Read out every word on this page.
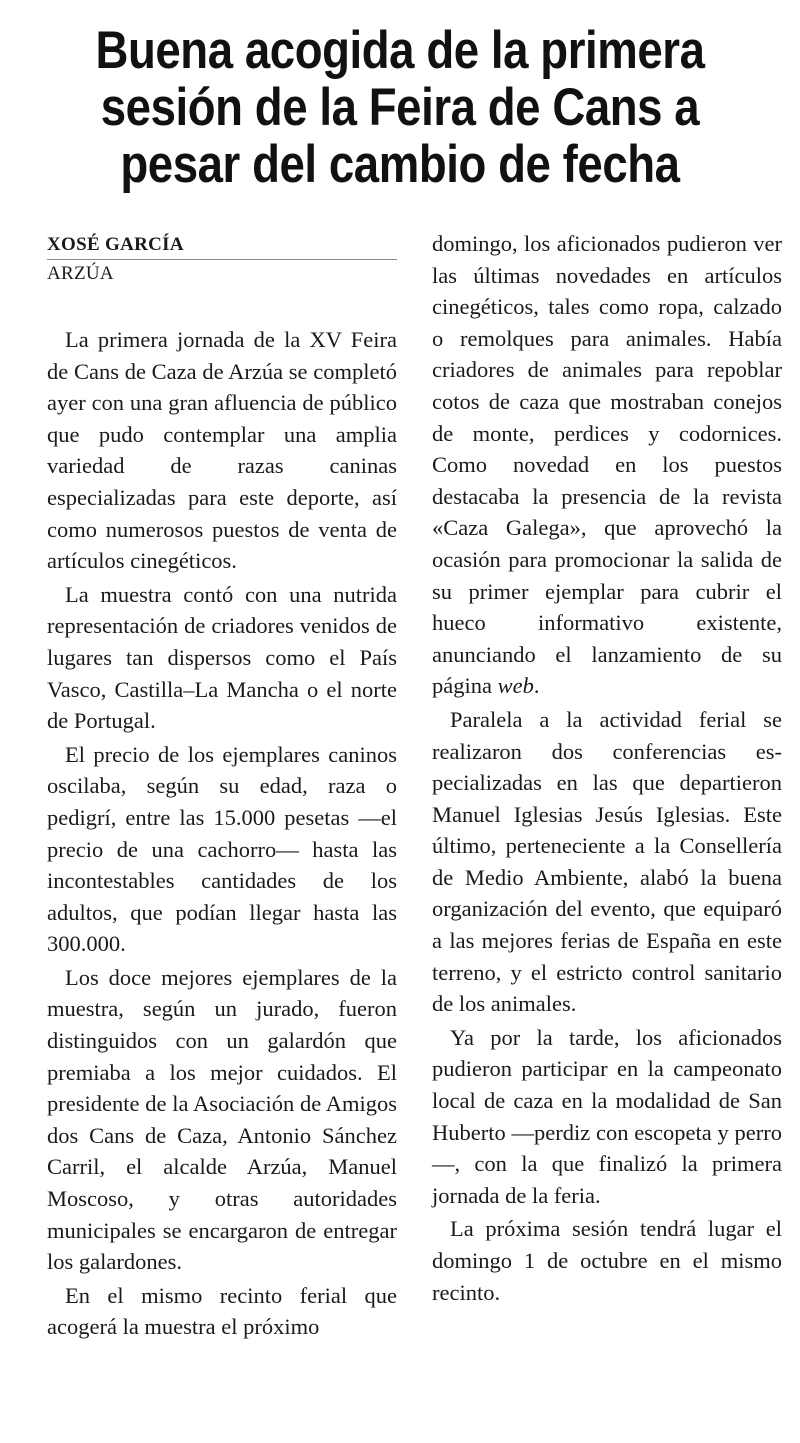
Buena acogida de la primera
sesión de la Feira de Cans a
pesar del cambio de fecha
XOSÉ GARCÍA
ARZÚA

La primera jornada de la XV Feira de Cans de Caza de Arzúa se completó ayer con una gran afluencia de público que pudo contemplar una amplia variedad de razas caninas especializadas para este deporte, así como numerosos puestos de venta de artículos cinegéticos.

La muestra contó con una nutrida representación de criadores venidos de lugares tan dispersos como el País Vasco, Castilla–La Mancha o el norte de Portugal.

El precio de los ejemplares caninos oscilaba, según su edad, raza o pedigrí, entre las 15.000 pesetas —el precio de una cachorro— hasta las incontestables cantidades de los adultos, que podían llegar hasta las 300.000.

Los doce mejores ejemplares de la muestra, según un jurado, fueron distinguidos con un galardón que premiaba a los mejor cuidados. El presidente de la Asociación de Amigos dos Cans de Caza, Antonio Sánchez Carril, el alcalde Arzúa, Manuel Moscoso, y otras autoridades municipales se encargaron de entregar los galardones.

En el mismo recinto ferial que acogerá la muestra el próximo

domingo, los aficionados pudieron ver las últimas novedades en artículos cinegéticos, tales como ropa, calzado o remolques para animales. Había criadores de animales para repoblar cotos de caza que mostraban conejos de monte, perdices y codornices. Como novedad en los puestos destacaba la presencia de la revista «Caza Galega», que aprovechó la ocasión para promocionar la salida de su primer ejemplar para cubrir el hueco informativo existente, anunciando el lanzamiento de su página web.

Paralela a la actividad ferial se realizaron dos conferencias especializadas en las que departieron Manuel Iglesias Jesús Iglesias. Este último, perteneciente a la Consellería de Medio Ambiente, alabó la buena organización del evento, que equiparó a las mejores ferias de España en este terreno, y el estricto control sanitario de los animales.

Ya por la tarde, los aficionados pudieron participar en la campeonato local de caza en la modalidad de San Huberto —perdiz con escopeta y perro—, con la que finalizó la primera jornada de la feria.

La próxima sesión tendrá lugar el domingo 1 de octubre en el mismo recinto.
